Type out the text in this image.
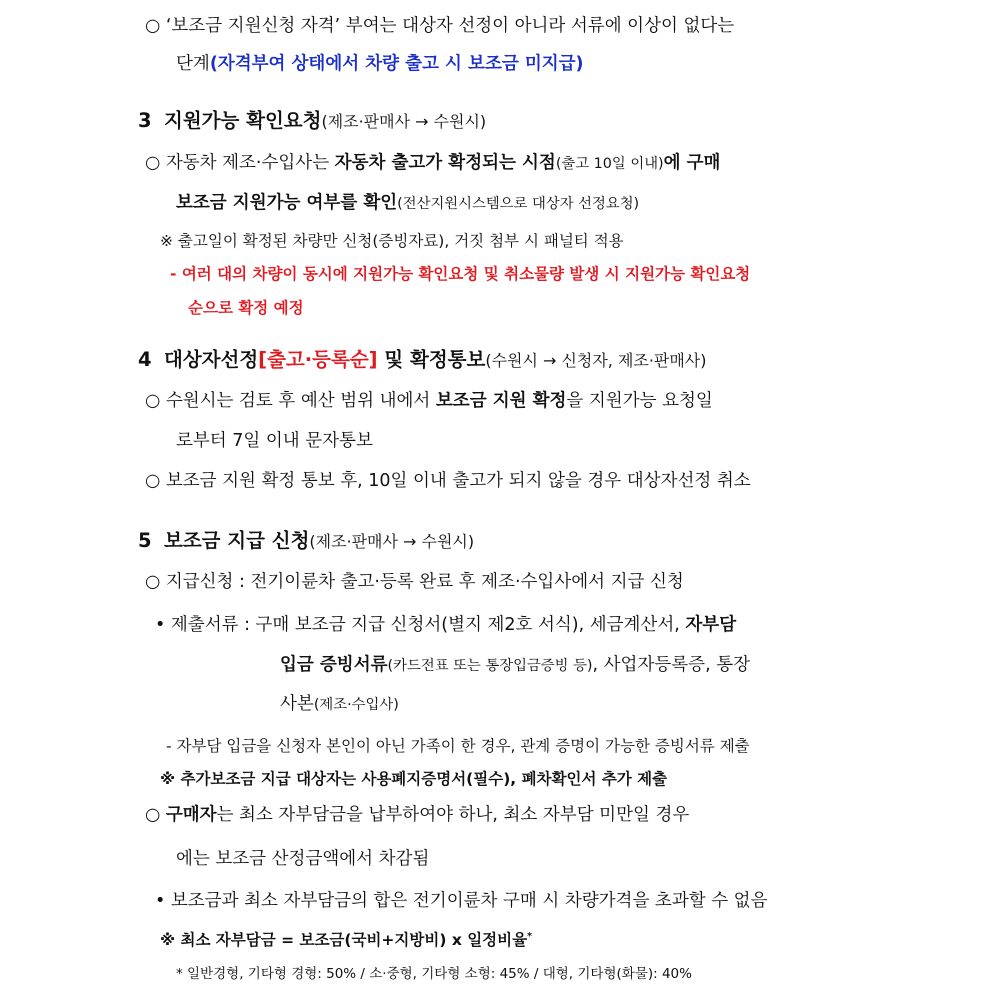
○ ‘보조금 지원신청 자격’ 부여는 대상자 선정이 아니라 서류에 이상이 없다는
단계(자격부여 상태에서 차량 출고 시 보조금 미지급)
3 지원가능 확인요청(제조·판매사 → 수원시)
○ 자동차 제조·수입사는 자동차 출고가 확정되는 시점(출고 10일 이내)에 구매
보조금 지원가능 여부를 확인(전산지원시스템으로 대상자 선정요청)
※ 출고일이 확정된 차량만 신청(증빙자료), 거짓 첨부 시 패널티 적용
- 여러 대의 차량이 동시에 지원가능 확인요청 및 취소물량 발생 시 지원가능 확인요청
순으로 확정 예정
4 대상자선정[출고·등록순] 및 확정통보(수원시 → 신청자, 제조·판매사)
○ 수원시는 검토 후 예산 범위 내에서 보조금 지원 확정을 지원가능 요청일
로부터 7일 이내 문자통보
○ 보조금 지원 확정 통보 후, 10일 이내 출고가 되지 않을 경우 대상자선정 취소
5 보조금 지급 신청(제조·판매사 → 수원시)
○ 지급신청 : 전기이륜차 출고·등록 완료 후 제조·수입사에서 지급 신청
• 제출서류 : 구매 보조금 지급 신청서(별지 제2호 서식), 세금계산서, 자부담
입금 증빙서류(카드전표 또는 통장입금증빙 등), 사업자등록증, 통장
사본(제조·수입사)
- 자부담 입금을 신청자 본인이 아닌 가족이 한 경우, 관계 증명이 가능한 증빙서류 제출
※ 추가보조금 지급 대상자는 사용폐지증명서(필수), 폐차확인서 추가 제출
○ 구매자는 최소 자부담금을 납부하여야 하나, 최소 자부담 미만일 경우
에는 보조금 산정금액에서 차감됨
• 보조금과 최소 자부담금의 합은 전기이륜차 구매 시 차량가격을 초과할 수 없음
※ 최소 자부담금 = 보조금(국비+지방비) x 일정비율*
* 일반경형, 기타형 경형: 50% / 소·중형, 기타형 소형: 45% / 대형, 기타형(화물): 40%
